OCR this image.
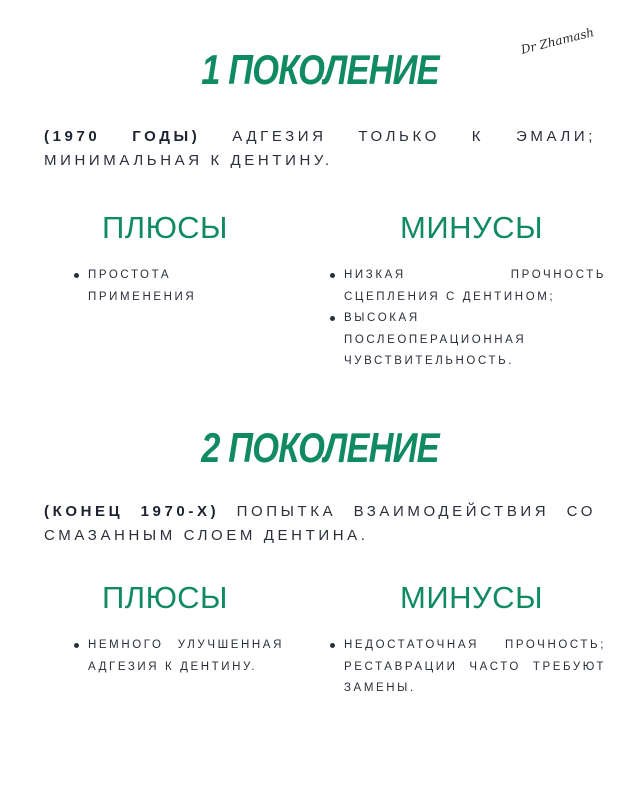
Dr Zhamash
1 ПОКОЛЕНИЕ
(1970 ГОДЫ) АДГЕЗИЯ ТОЛЬКО К ЭМАЛИ; МИНИМАЛЬНАЯ К ДЕНТИНУ.
ПЛЮСЫ	МИНУСЫ
ПРОСТОТА ПРИМЕНЕНИЯ
НИЗКАЯ ПРОЧНОСТЬ СЦЕПЛЕНИЯ С ДЕНТИНОМ;
ВЫСОКАЯ ПОСЛЕОПЕРАЦИОННАЯ ЧУВСТВИТЕЛЬНОСТЬ.
2 ПОКОЛЕНИЕ
(КОНЕЦ 1970-Х) ПОПЫТКА ВЗАИМОДЕЙСТВИЯ СО СМАЗАННЫМ СЛОЕМ ДЕНТИНА.
ПЛЮСЫ	МИНУСЫ
НЕМНОГО УЛУЧШЕННАЯ АДГЕЗИЯ К ДЕНТИНУ.
НЕДОСТАТОЧНАЯ ПРОЧНОСТЬ; РЕСТАВРАЦИИ ЧАСТО ТРЕБУЮТ ЗАМЕНЫ.
